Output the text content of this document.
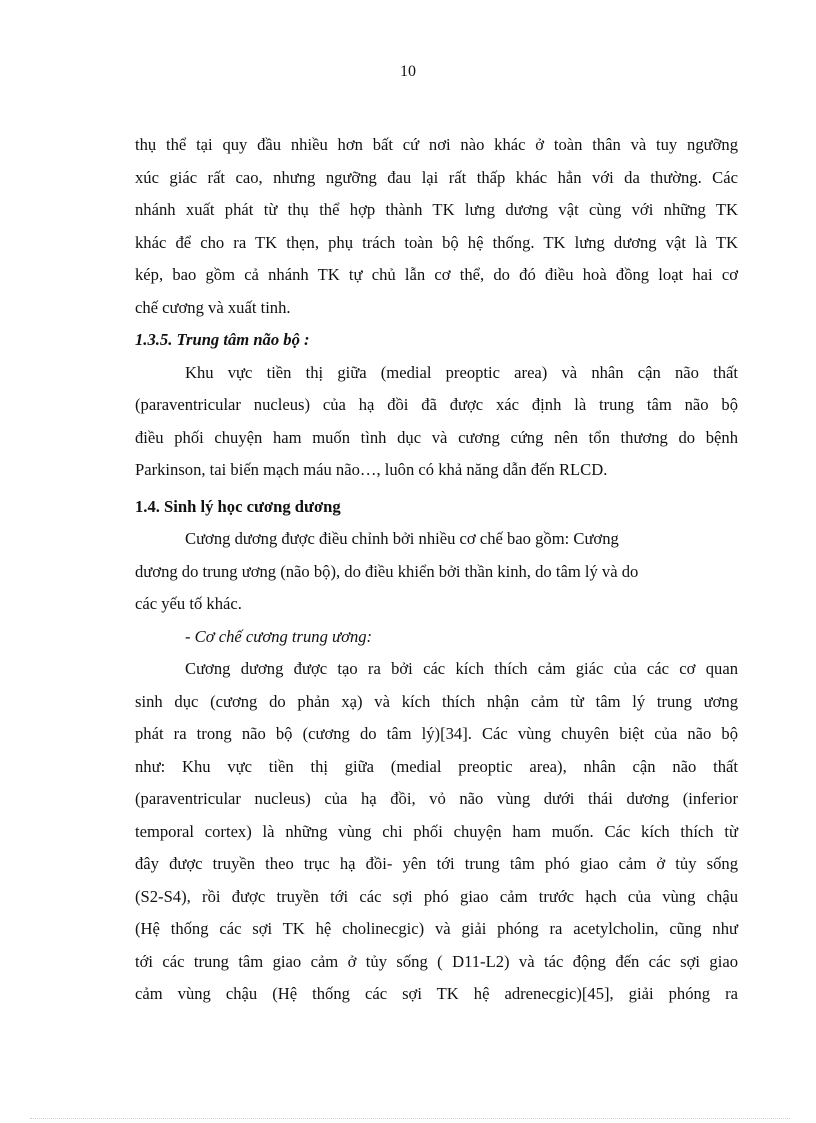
10
thụ thể tại quy đầu nhiều hơn bất cứ nơi nào khác ở toàn thân và tuy ngưỡng
xúc giác rất cao, nhưng ngưỡng đau lại rất thấp khác hẳn với da thường. Các
nhánh xuất phát từ thụ thể hợp thành TK lưng dương vật cùng với những TK
khác để cho ra TK thẹn, phụ trách toàn bộ hệ thống. TK lưng dương vật là TK
kép, bao gồm cả nhánh TK tự chủ lẫn cơ thể, do đó điều hoà đồng loạt hai cơ
chế cương và xuất tinh.
1.3.5. Trung tâm não bộ :
Khu vực tiền thị giữa (medial preoptic area) và nhân cận não thất
(paraventricular nucleus) của hạ đồi đã được xác định là trung tâm não bộ
điều phối chuyện ham muốn tình dục và cương cứng nên tổn thương do bệnh
Parkinson, tai biến mạch máu não…, luôn có khả năng dẫn đến RLCD.
1.4. Sinh lý học cương dương
Cương dương được điều chỉnh bởi nhiều cơ chế bao gồm: Cương
dương do trung ương (não bộ), do điều khiển bởi thần kinh, do tâm lý và do
các yếu tố khác.
- Cơ chế cương trung ương:
Cương dương được tạo ra bởi các kích thích cảm giác của các cơ quan
sinh dục (cương do phản xạ) và kích thích nhận cảm từ tâm lý trung ương
phát ra trong não bộ (cương do tâm lý)[34]. Các vùng chuyên biệt của não bộ
như: Khu vực tiền thị giữa (medial preoptic area), nhân cận não thất
(paraventricular nucleus) của hạ đồi, vỏ não vùng dưới thái dương (inferior
temporal cortex) là những vùng chi phối chuyện ham muốn. Các kích thích từ
đây được truyền theo trục hạ đồi- yên tới trung tâm phó giao cảm ở tủy sống
(S2-S4), rồi được truyền tới các sợi phó giao cảm trước hạch của vùng chậu
(Hệ thống các sợi TK hệ cholinecgic) và giải phóng ra acetylcholin, cũng như
tới các trung tâm giao cảm ở tủy sống ( D11-L2) và tác động đến các sợi giao
cảm vùng chậu (Hệ thống các sợi TK hệ adrenecgic)[45], giải phóng ra
